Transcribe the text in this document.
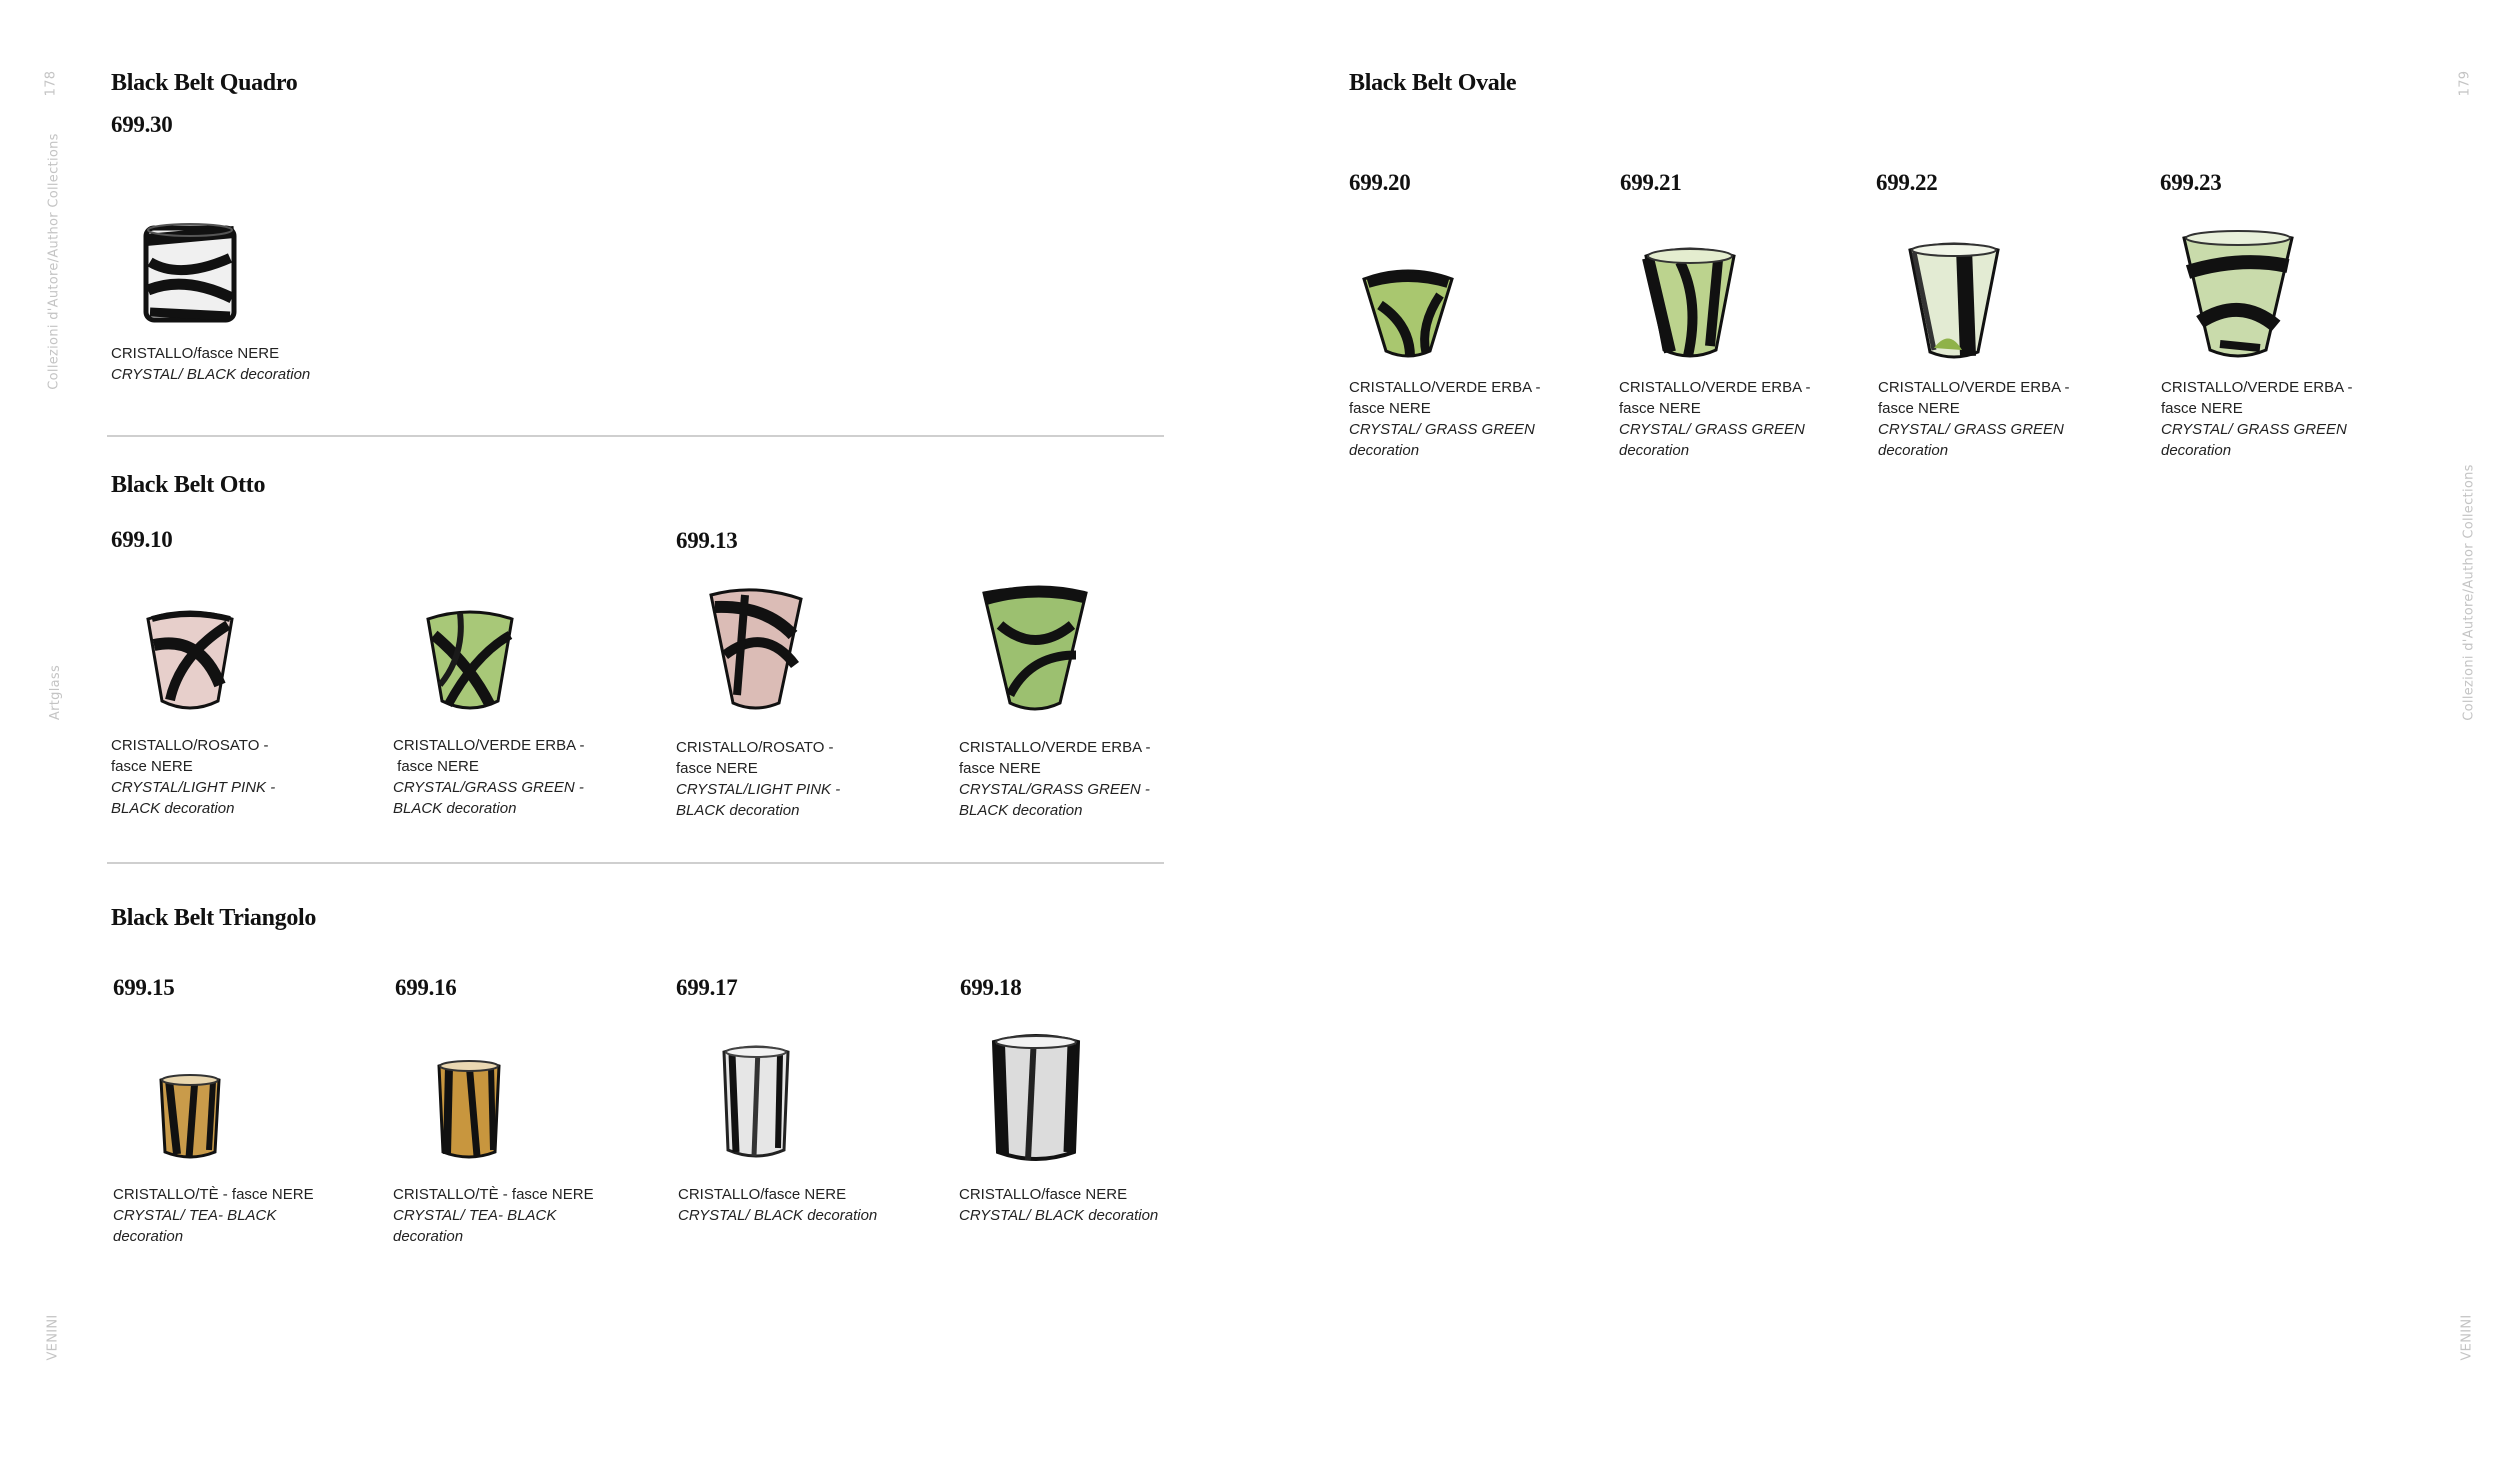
178
Collezioni d'Autore/Author Collections
Artglass
VENINI
179
Collezioni d'Autore/Author Collections
VENINI
Black Belt Quadro
699.30
CRISTALLO/fasce NERE
CRYSTAL/ BLACK decoration
Black Belt Otto
699.10	699.13
CRISTALLO/ROSATO -
fasce NERE
CRYSTAL/LIGHT PINK -
BLACK decoration
CRISTALLO/VERDE ERBA -
fasce NERE
CRYSTAL/GRASS GREEN -
BLACK decoration
CRISTALLO/ROSATO -
fasce NERE
CRYSTAL/LIGHT PINK -
BLACK decoration
CRISTALLO/VERDE ERBA -
fasce NERE
CRYSTAL/GRASS GREEN -
BLACK decoration
Black Belt Triangolo
699.15	699.16	699.17	699.18
CRISTALLO/TÈ - fasce NERE
CRYSTAL/ TEA- BLACK
decoration
CRISTALLO/TÈ - fasce NERE
CRYSTAL/ TEA- BLACK
decoration
CRISTALLO/fasce NERE
CRYSTAL/ BLACK decoration
CRISTALLO/fasce NERE
CRYSTAL/ BLACK decoration
Black Belt Ovale
699.20	699.21	699.22	699.23
CRISTALLO/VERDE ERBA -
fasce NERE
CRYSTAL/ GRASS GREEN
decoration
CRISTALLO/VERDE ERBA -
fasce NERE
CRYSTAL/ GRASS GREEN
decoration
CRISTALLO/VERDE ERBA -
fasce NERE
CRYSTAL/ GRASS GREEN
decoration
CRISTALLO/VERDE ERBA -
fasce NERE
CRYSTAL/ GRASS GREEN
decoration
